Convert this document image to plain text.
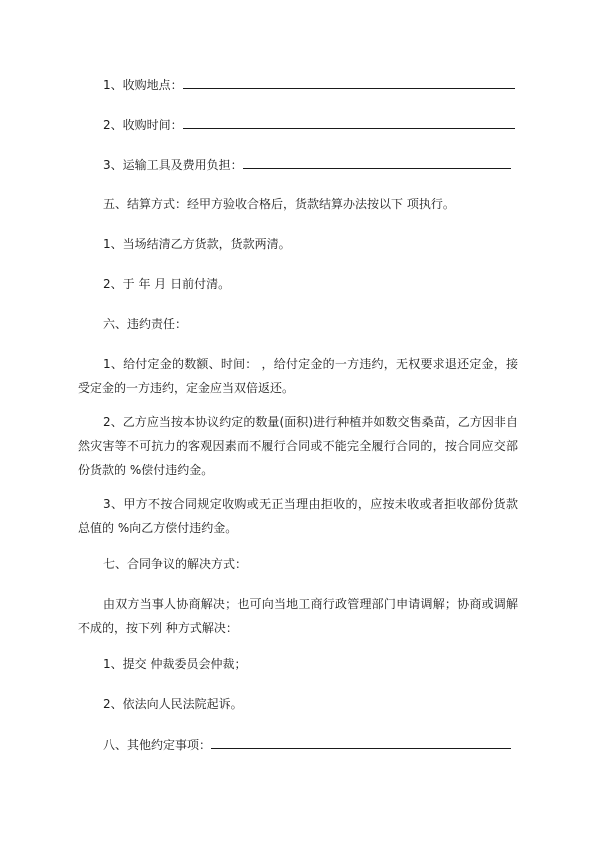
1、收购地点：
2、收购时间：
3、运输工具及费用负担：
五、结算方式：经甲方验收合格后，货款结算办法按以下 项执行。
1、当场结清乙方货款，货款两清。
2、于 年 月 日前付清。
六、违约责任：
1、给付定金的数额、时间： ，给付定金的一方违约，无权要求退还定金，接受定金的一方违约，定金应当双倍返还。
2、乙方应当按本协议约定的数量(面积)进行种植并如数交售桑苗，乙方因非自然灾害等不可抗力的客观因素而不履行合同或不能完全履行合同的，按合同应交部份货款的 %偿付违约金。
3、甲方不按合同规定收购或无正当理由拒收的，应按未收或者拒收部份货款总值的 %向乙方偿付违约金。
七、合同争议的解决方式：
由双方当事人协商解决；也可向当地工商行政管理部门申请调解；协商或调解不成的，按下列 种方式解决：
1、提交 仲裁委员会仲裁；
2、依法向人民法院起诉。
八、其他约定事项：
